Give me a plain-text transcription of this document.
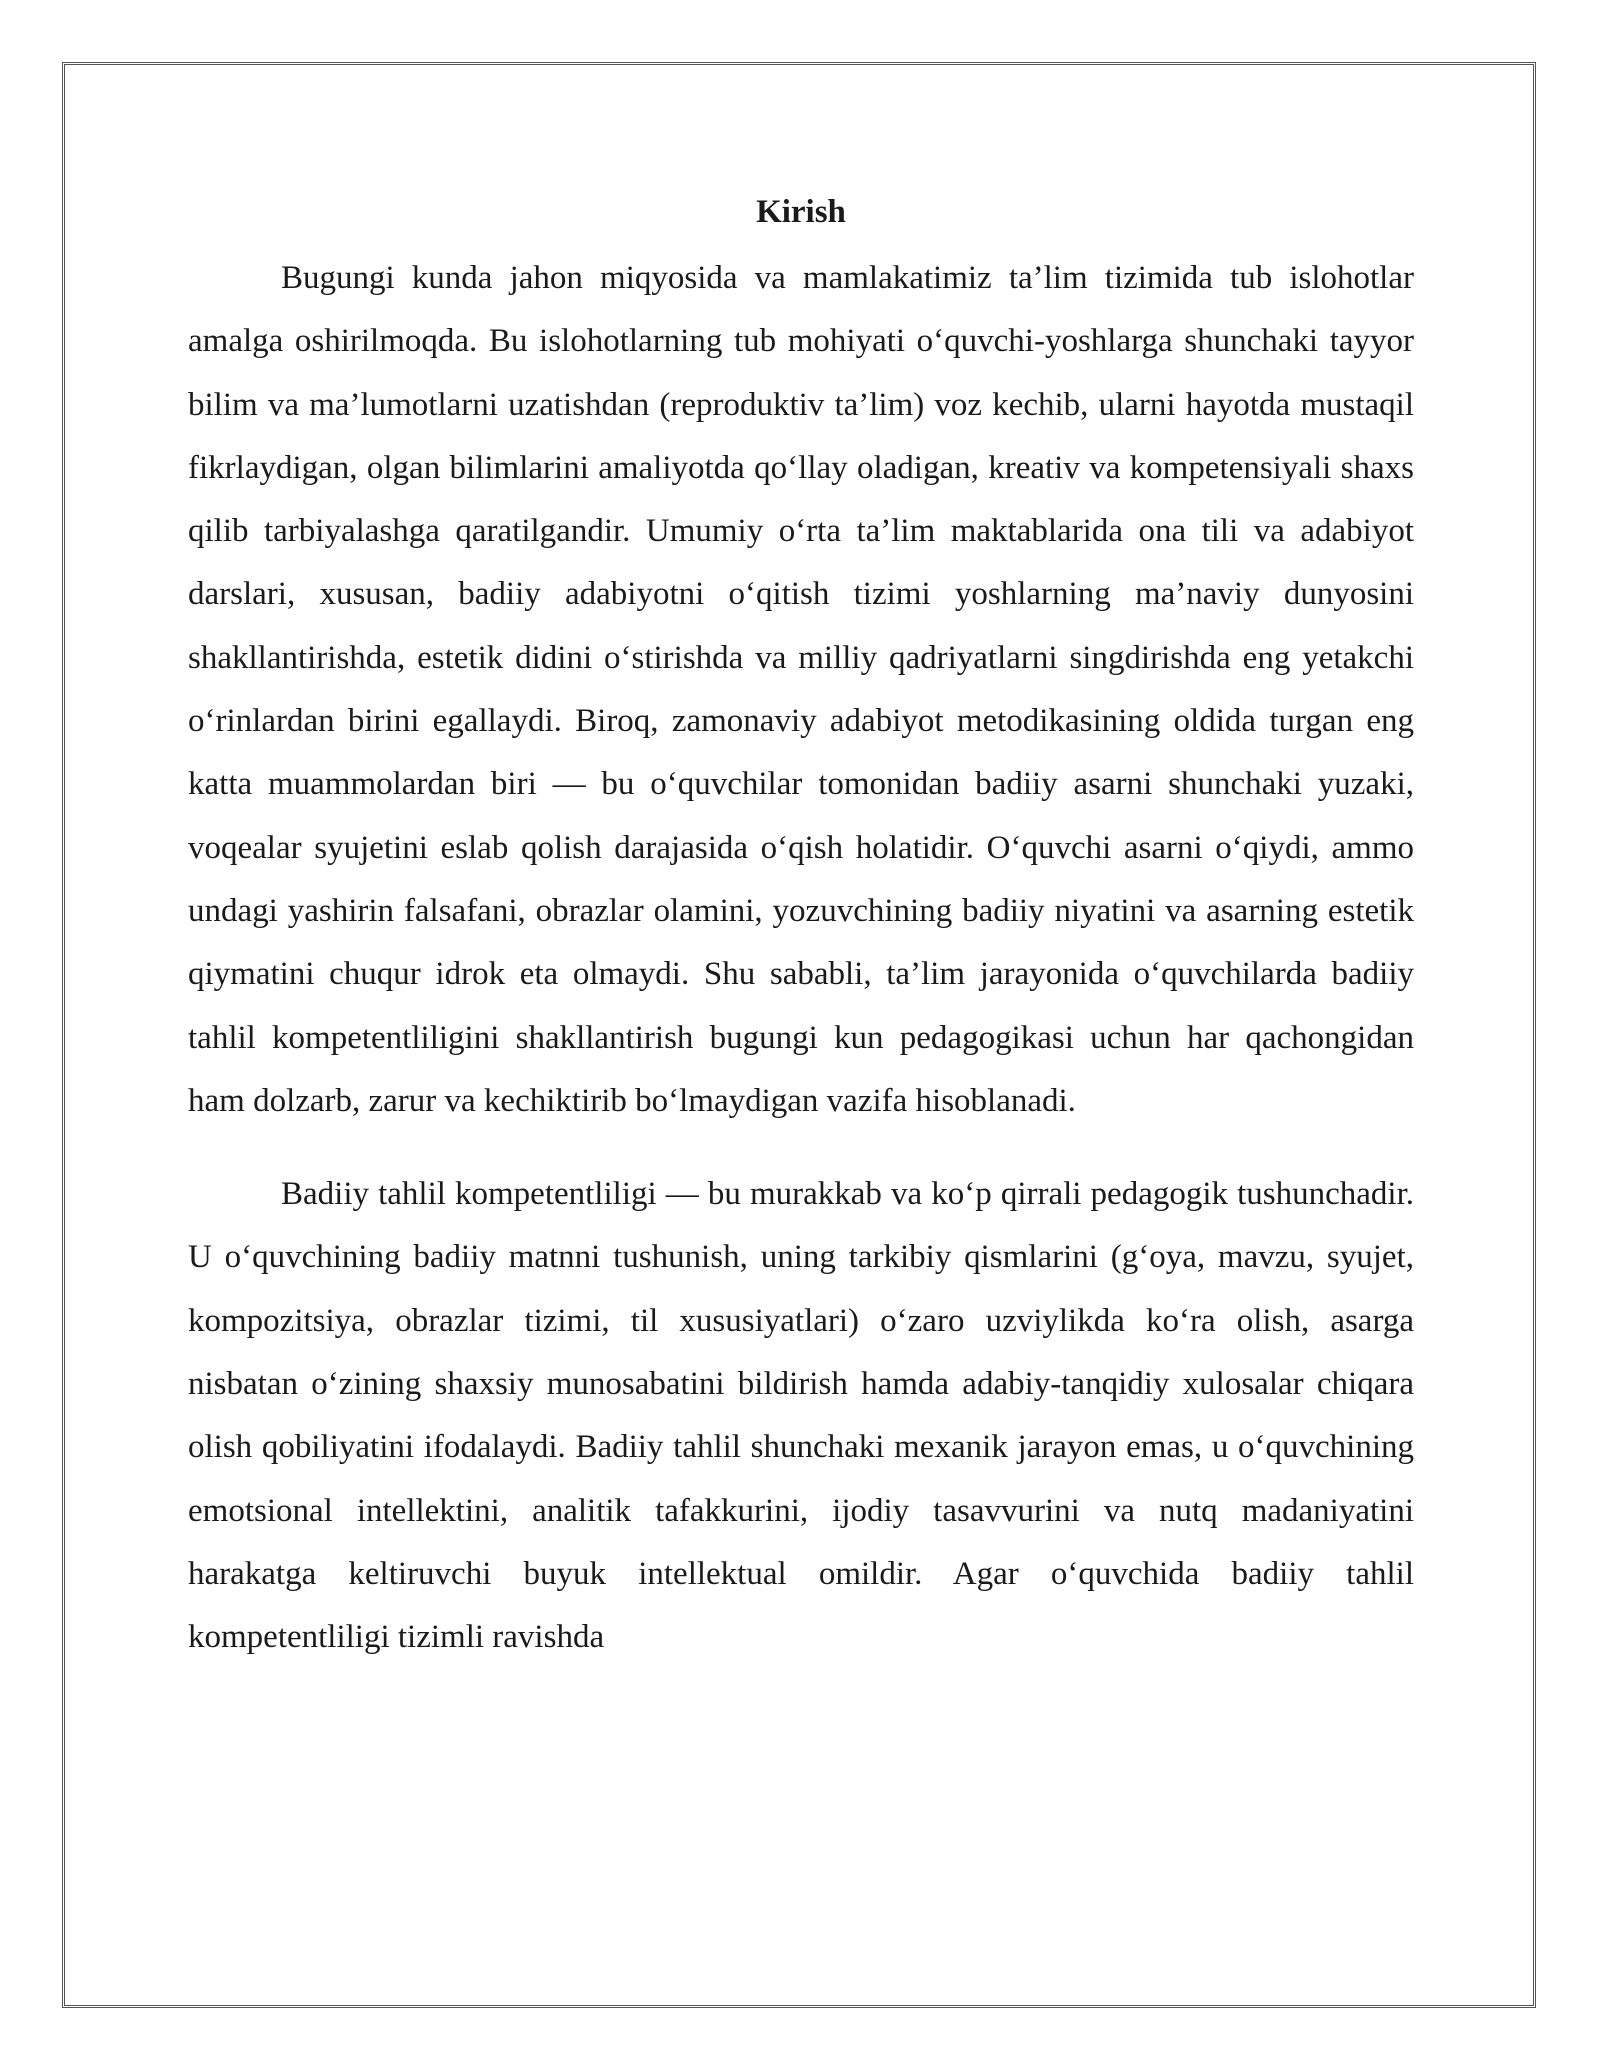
Kirish

Bugungi kunda jahon miqyosida va mamlakatimiz ta’lim tizimida tub islohotlar amalga oshirilmoqda. Bu islohotlarning tub mohiyati o‘quvchi-yoshlarga shunchaki tayyor bilim va ma’lumotlarni uzatishdan (reproduktiv ta’lim) voz kechib, ularni hayotda mustaqil fikrlaydigan, olgan bilimlarini amaliyotda qo‘llay oladigan, kreativ va kompetensiyali shaxs qilib tarbiyalashga qaratilgandir. Umumiy o‘rta ta’lim maktablarida ona tili va adabiyot darslari, xususan, badiiy adabiyotni o‘qitish tizimi yoshlarning ma’naviy dunyosini shakllantirishda, estetik didini o‘stirishda va milliy qadriyatlarni singdirishda eng yetakchi o‘rinlardan birini egallaydi. Biroq, zamonaviy adabiyot metodikasining oldida turgan eng katta muammolardan biri — bu o‘quvchilar tomonidan badiiy asarni shunchaki yuzaki, voqealar syujetini eslab qolish darajasida o‘qish holatidir. O‘quvchi asarni o‘qiydi, ammo undagi yashirin falsafani, obrazlar olamini, yozuvchining badiiy niyatini va asarning estetik qiymatini chuqur idrok eta olmaydi. Shu sababli, ta’lim jarayonida o‘quvchilarda badiiy tahlil kompetentliligini shakllantirish bugungi kun pedagogikasi uchun har qachongidan ham dolzarb, zarur va kechiktirib bo‘lmaydigan vazifa hisoblanadi.

Badiiy tahlil kompetentliligi — bu murakkab va ko‘p qirrali pedagogik tushunchadir. U o‘quvchining badiiy matnni tushunish, uning tarkibiy qismlarini (g‘oya, mavzu, syujet, kompozitsiya, obrazlar tizimi, til xususiyatlari) o‘zaro uzviylikda ko‘ra olish, asarga nisbatan o‘zining shaxsiy munosabatini bildirish hamda adabiy-tanqidiy xulosalar chiqara olish qobiliyatini ifodalaydi. Badiiy tahlil shunchaki mexanik jarayon emas, u o‘quvchining emotsional intellektini, analitik tafakkurini, ijodiy tasavvurini va nutq madaniyatini harakatga keltiruvchi buyuk intellektual omildir. Agar o‘quvchida badiiy tahlil kompetentliligi tizimli ravishda
